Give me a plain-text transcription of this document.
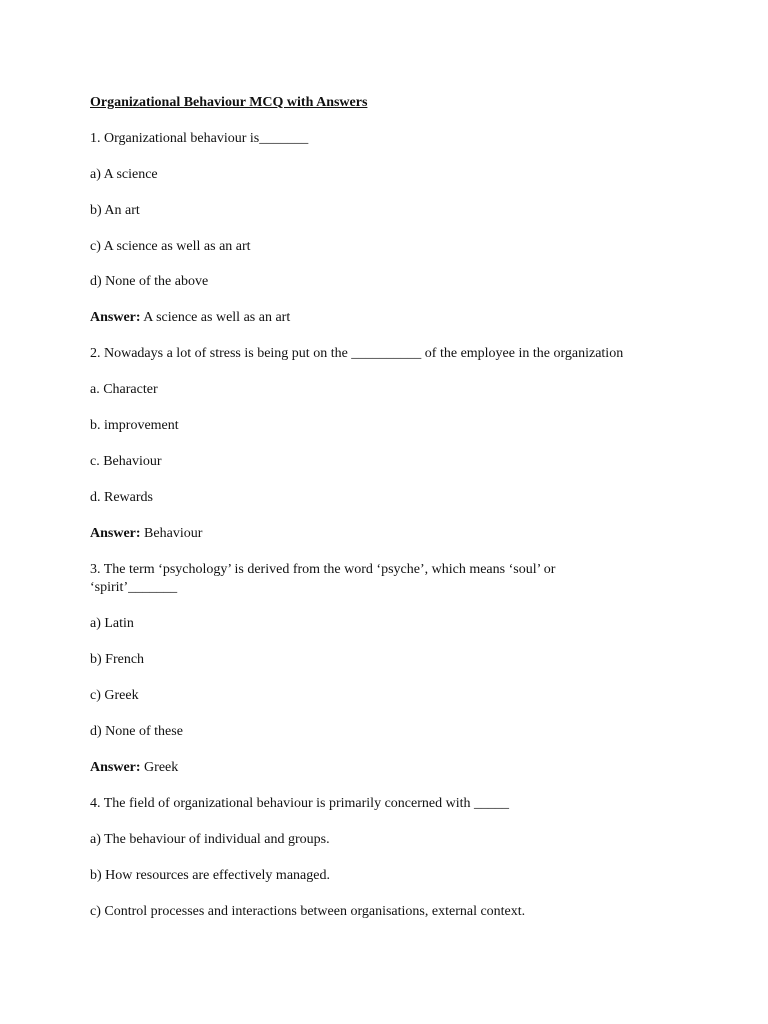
Organizational Behaviour MCQ with Answers
1. Organizational behaviour is_______
a) A science
b) An art
c) A science as well as an art
d) None of the above
Answer: A science as well as an art
2. Nowadays a lot of stress is being put on the __________ of the employee in the organization
a. Character
b. improvement
c. Behaviour
d. Rewards
Answer: Behaviour
3. The term ‘psychology’ is derived from the word ‘psyche’, which means ‘soul’ or
‘spirit’_______
a) Latin
b) French
c) Greek
d) None of these
Answer: Greek
4. The field of organizational behaviour is primarily concerned with _____
a) The behaviour of individual and groups.
b) How resources are effectively managed.
c) Control processes and interactions between organisations, external context.
